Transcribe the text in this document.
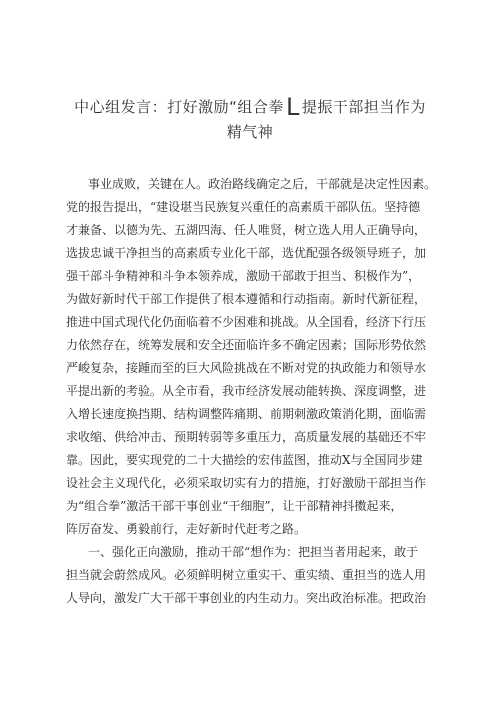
中心组发言：打好激励“组合拳L 提振干部担当作为
精气神
事业成败，关键在人。政治路线确定之后，干部就是决定性因素。
党的报告提出，“建设堪当民族复兴重任的高素质干部队伍。坚持德
才兼备、以德为先、五湖四海、任人唯贤，树立选人用人正确导向，
选拔忠诚干净担当的高素质专业化干部，选优配强各级领导班子，加
强干部斗争精神和斗争本领养成，激励干部敢于担当、积极作为”，
为做好新时代干部工作提供了根本遵循和行动指南。新时代新征程，
推进中国式现代化仍面临着不少困难和挑战。从全国看，经济下行压
力依然存在，统筹发展和安全还面临许多不确定因素；国际形势依然
严峻复杂，接踵而至的巨大风险挑战在不断对党的执政能力和领导水
平提出新的考验。从全市看，我市经济发展动能转换、深度调整，进
入增长速度换挡期、结构调整阵痛期、前期刺激政策消化期，面临需
求收缩、供给冲击、预期转弱等多重压力，高质量发展的基础还不牢
靠。因此，要实现党的二十大描绘的宏伟蓝图，推动X与全国同步建
设社会主义现代化，必须采取切实有力的措施，打好激励干部担当作
为“组合拳”激活干部干事创业“干细胞”，让干部精神抖擞起来，
阵厉奋发、勇毅前行，走好新时代赶考之路。
一、强化正向激励，推动干部“想作为：把担当者用起来，敢于
担当就会蔚然成风。必须鲜明树立重实干、重实绩、重担当的选人用
人导向，激发广大干部干事创业的内生动力。突出政治标准。把政治
